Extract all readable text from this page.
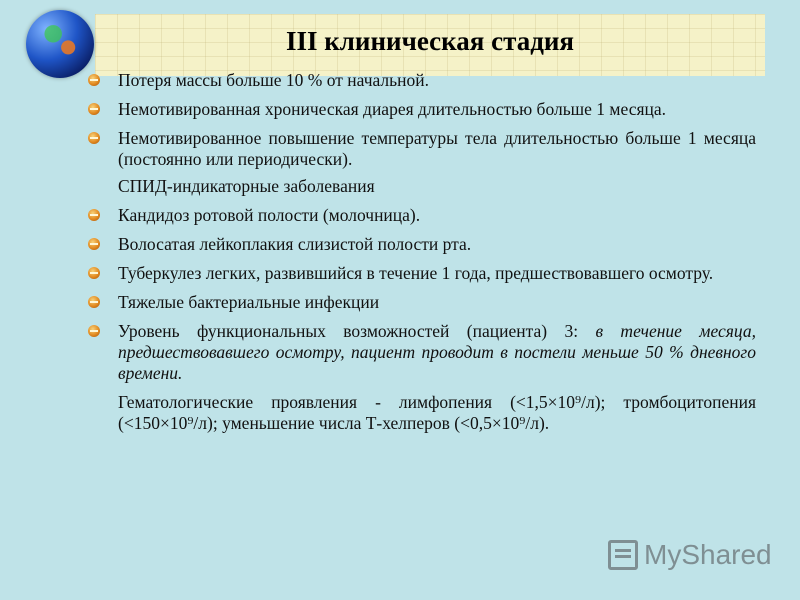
III клиническая стадия
Потеря массы больше 10 % от начальной.
Немотивированная хроническая диарея длительностью больше 1 месяца.
Немотивированное повышение температуры тела длительностью больше 1 месяца (постоянно или периодически).
СПИД-индикаторные заболевания
Кандидоз ротовой полости (молочница).
Волосатая лейкоплакия слизистой полости рта.
Туберкулез легких, развившийся в течение 1 года, предшествовавшего осмотру.
Тяжелые бактериальные инфекции
Уровень функциональных возможностей (пациента) 3: в течение месяца, предшествовавшего осмотру, пациент проводит в постели меньше 50 % дневного времени.
Гематологические проявления - лимфопения (<1,5×10⁹/л); тромбоцитопения (<150×10⁹/л); уменьшение числа Т-хелперов (<0,5×10⁹/л).
MyShared
